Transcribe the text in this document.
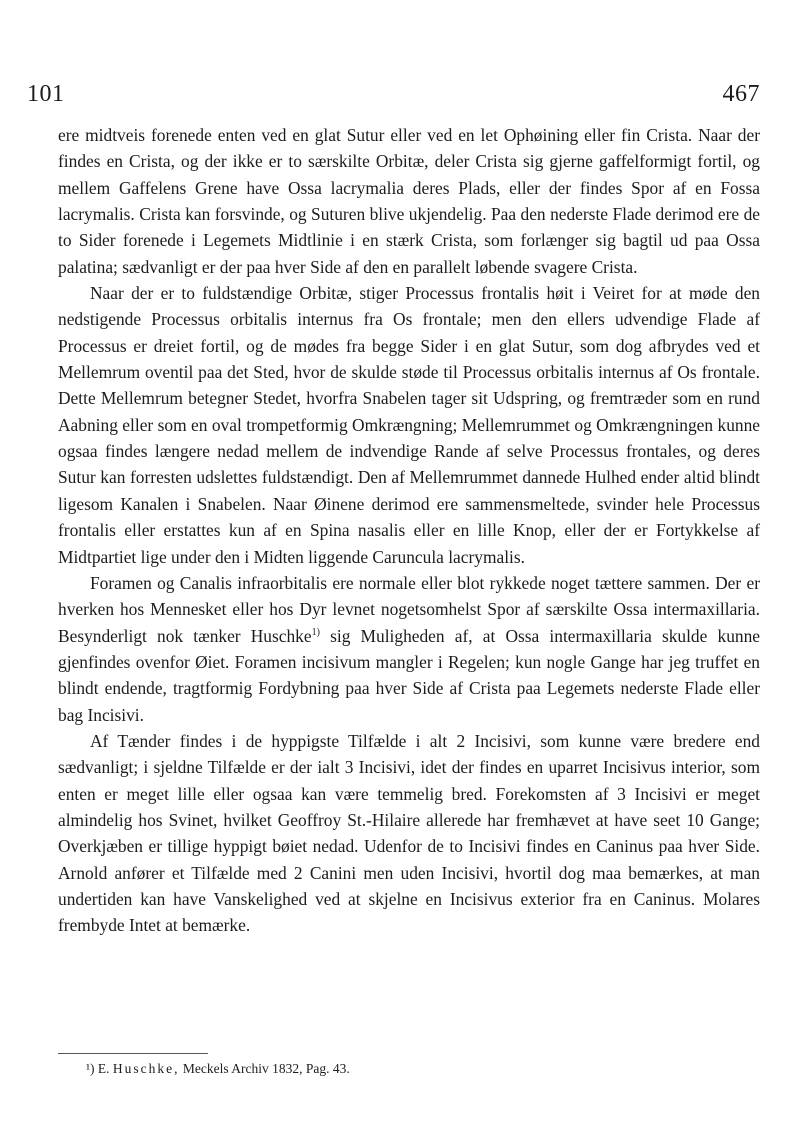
101	467

ere midtveis forenede enten ved en glat Sutur eller ved en let Ophøining eller fin Crista. Naar der findes en Crista, og der ikke er to særskilte Orbitæ, deler Crista sig gjerne gaffelformigt fortil, og mellem Gaffelens Grene have Ossa lacrymalia deres Plads, eller der findes Spor af en Fossa lacrymalis. Crista kan forsvinde, og Suturen blive ukjendelig. Paa den nederste Flade derimod ere de to Sider forenede i Legemets Midtlinie i en stærk Crista, som forlænger sig bagtil ud paa Ossa palatina; sædvanligt er der paa hver Side af den en parallelt løbende svagere Crista.

Naar der er to fuldstændige Orbitæ, stiger Processus frontalis høit i Veiret for at møde den nedstigende Processus orbitalis internus fra Os frontale; men den ellers udvendige Flade af Processus er dreiet fortil, og de mødes fra begge Sider i en glat Sutur, som dog afbrydes ved et Mellemrum oventil paa det Sted, hvor de skulde støde til Processus orbitalis internus af Os frontale. Dette Mellemrum betegner Stedet, hvorfra Snabelen tager sit Udspring, og fremtræder som en rund Aabning eller som en oval trompetformig Omkrængning; Mellemrummet og Omkrængningen kunne ogsaa findes længere nedad mellem de indvendige Rande af selve Processus frontales, og deres Sutur kan forresten udslettes fuldstændigt. Den af Mellemrummet dannede Hulhed ender altid blindt ligesom Kanalen i Snabelen. Naar Øinene derimod ere sammensmeltede, svinder hele Processus frontalis eller erstattes kun af en Spina nasalis eller en lille Knop, eller der er Fortykkelse af Midtpartiet lige under den i Midten liggende Caruncula lacrymalis.

Foramen og Canalis infraorbitalis ere normale eller blot rykkede noget tættere sammen. Der er hverken hos Mennesket eller hos Dyr levnet nogetsomhelst Spor af særskilte Ossa intermaxillaria. Besynderligt nok tænker Huschke$^{1)}$ sig Muligheden af, at Ossa intermaxillaria skulde kunne gjenfindes ovenfor Øiet. Foramen incisivum mangler i Regelen; kun nogle Gange har jeg truffet en blindt endende, tragtformig Fordybning paa hver Side af Crista paa Legemets nederste Flade eller bag Incisivi.

Af Tænder findes i de hyppigste Tilfælde i alt 2 Incisivi, som kunne være bredere end sædvanligt; i sjeldne Tilfælde er der ialt 3 Incisivi, idet der findes en uparret Incisivus interior, som enten er meget lille eller ogsaa kan være temmelig bred. Forekomsten af 3 Incisivi er meget almindelig hos Svinet, hvilket Geoffroy St.-Hilaire allerede har fremhævet at have seet 10 Gange; Overkjæben er tillige hyppigt bøiet nedad. Udenfor de to Incisivi findes en Caninus paa hver Side. Arnold anfører et Tilfælde med 2 Canini men uden Incisivi, hvortil dog maa bemærkes, at man undertiden kan have Vanskelighed ved at skjelne en Incisivus exterior fra en Caninus. Molares frembyde Intet at bemærke.

¹) E. Huschke, Meckels Archiv 1832, Pag. 43.
